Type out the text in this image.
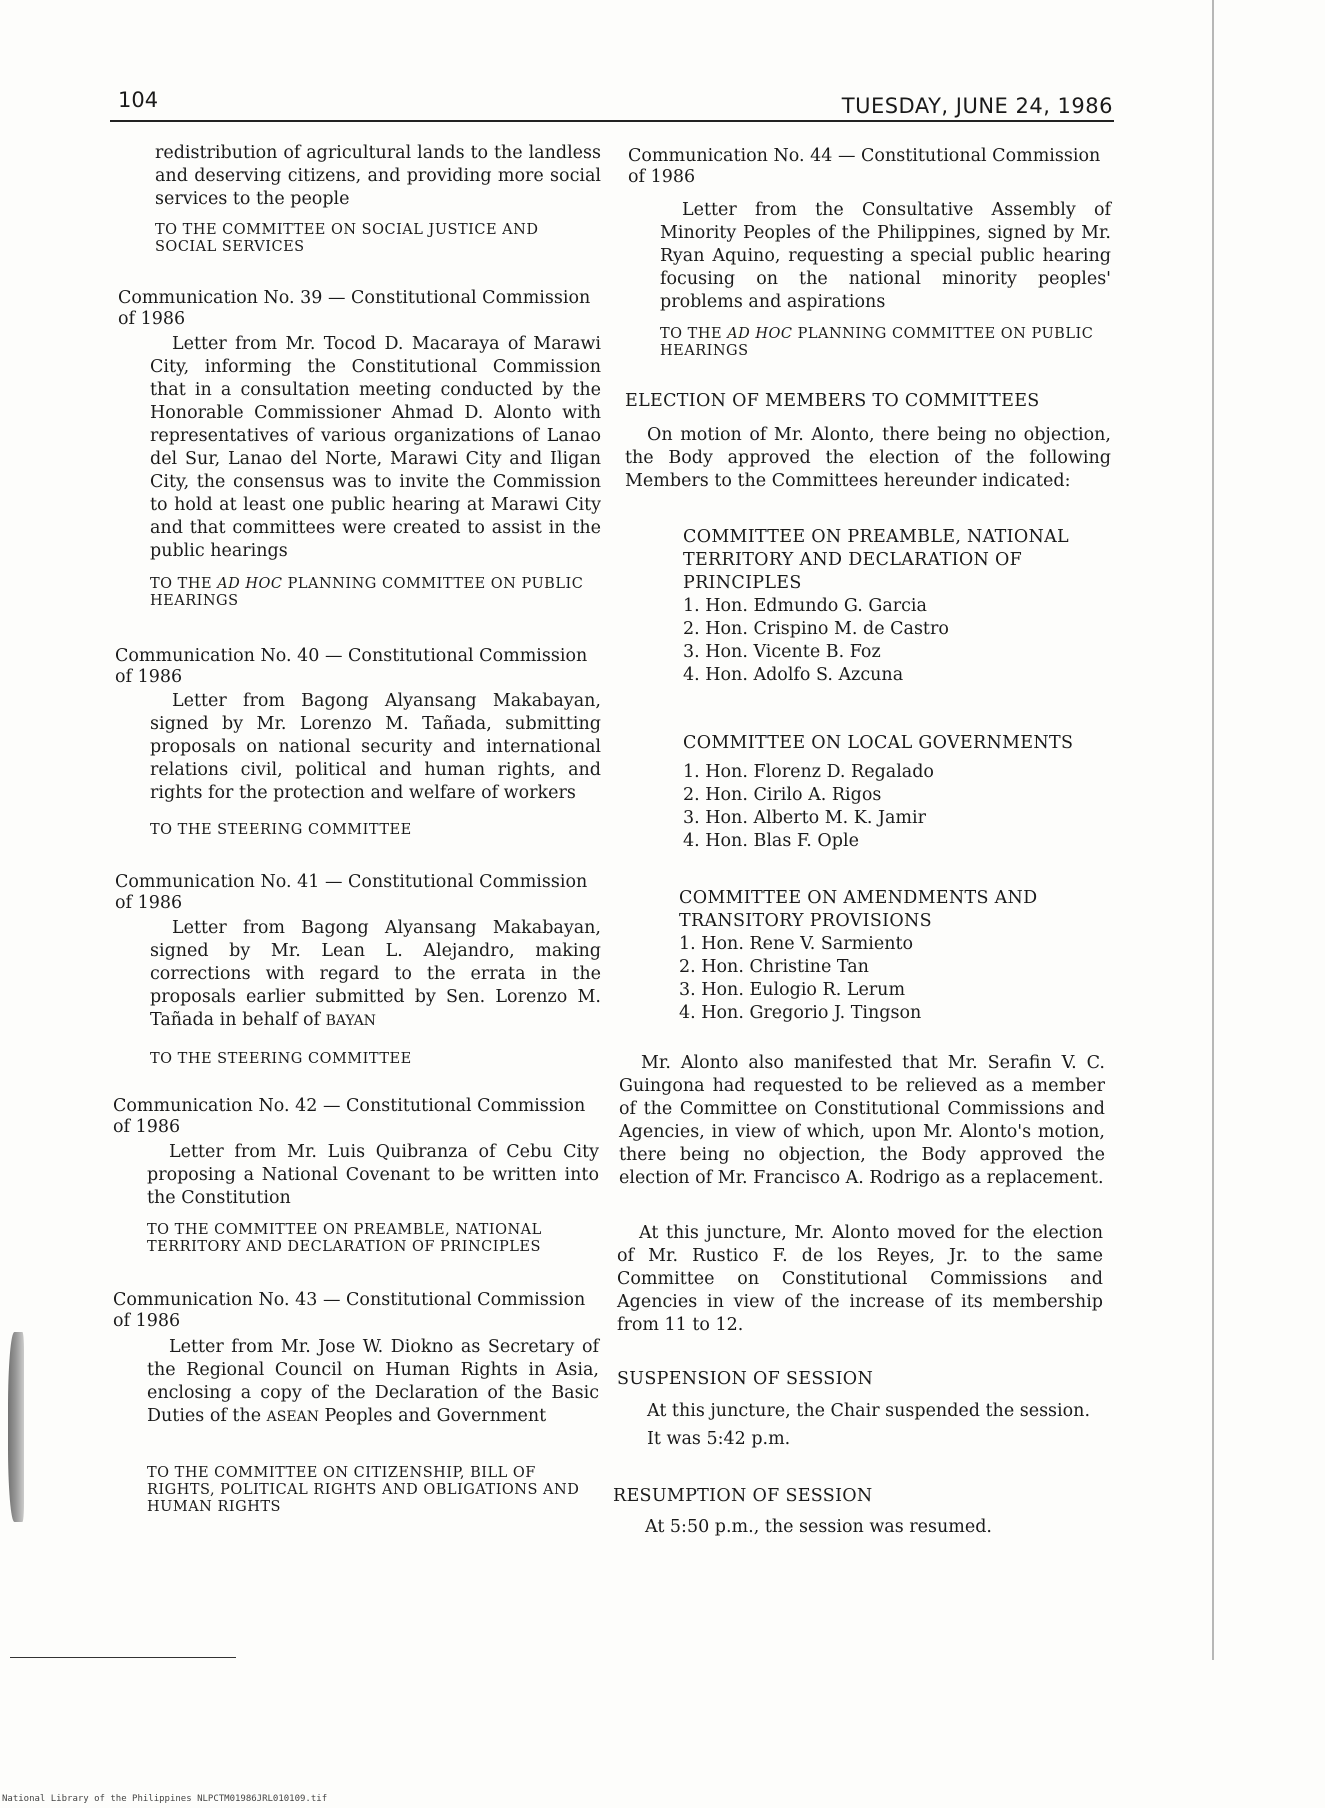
104	TUESDAY, JUNE 24, 1986
redistribution of agricultural lands to the landless and deserving citizens, and providing more social services to the people
TO THE COMMITTEE ON SOCIAL JUSTICE AND SOCIAL SERVICES
Communication No. 39 — Constitutional Commission of 1986
Letter from Mr. Tocod D. Macaraya of Marawi City, informing the Constitutional Commission that in a consultation meeting conducted by the Honorable Commissioner Ahmad D. Alonto with representatives of various organizations of Lanao del Sur, Lanao del Norte, Marawi City and Iligan City, the consensus was to invite the Commission to hold at least one public hearing at Marawi City and that committees were created to assist in the public hearings
TO THE AD HOC PLANNING COMMITTEE ON PUBLIC HEARINGS
Communication No. 40 — Constitutional Commission of 1986
Letter from Bagong Alyansang Makabayan, signed by Mr. Lorenzo M. Tañada, submitting proposals on national security and international relations civil, political and human rights, and rights for the protection and welfare of workers
TO THE STEERING COMMITTEE
Communication No. 41 — Constitutional Commission of 1986
Letter from Bagong Alyansang Makabayan, signed by Mr. Lean L. Alejandro, making corrections with regard to the errata in the proposals earlier submitted by Sen. Lorenzo M. Tañada in behalf of BAYAN
TO THE STEERING COMMITTEE
Communication No. 42 — Constitutional Commission of 1986
Letter from Mr. Luis Quibranza of Cebu City proposing a National Covenant to be written into the Constitution
TO THE COMMITTEE ON PREAMBLE, NATIONAL TERRITORY AND DECLARATION OF PRINCIPLES
Communication No. 43 — Constitutional Commission of 1986
Letter from Mr. Jose W. Diokno as Secretary of the Regional Council on Human Rights in Asia, enclosing a copy of the Declaration of the Basic Duties of the ASEAN Peoples and Government
TO THE COMMITTEE ON CITIZENSHIP, BILL OF RIGHTS, POLITICAL RIGHTS AND OBLIGATIONS AND HUMAN RIGHTS
Communication No. 44 — Constitutional Commission of 1986
Letter from the Consultative Assembly of Minority Peoples of the Philippines, signed by Mr. Ryan Aquino, requesting a special public hearing focusing on the national minority peoples' problems and aspirations
TO THE AD HOC PLANNING COMMITTEE ON PUBLIC HEARINGS
ELECTION OF MEMBERS TO COMMITTEES
On motion of Mr. Alonto, there being no objection, the Body approved the election of the following Members to the Committees hereunder indicated:
COMMITTEE ON PREAMBLE, NATIONAL TERRITORY AND DECLARATION OF PRINCIPLES
1. Hon. Edmundo G. Garcia
2. Hon. Crispino M. de Castro
3. Hon. Vicente B. Foz
4. Hon. Adolfo S. Azcuna
COMMITTEE ON LOCAL GOVERNMENTS
1. Hon. Florenz D. Regalado
2. Hon. Cirilo A. Rigos
3. Hon. Alberto M. K. Jamir
4. Hon. Blas F. Ople
COMMITTEE ON AMENDMENTS AND TRANSITORY PROVISIONS
1. Hon. Rene V. Sarmiento
2. Hon. Christine Tan
3. Hon. Eulogio R. Lerum
4. Hon. Gregorio J. Tingson
Mr. Alonto also manifested that Mr. Serafin V. C. Guingona had requested to be relieved as a member of the Committee on Constitutional Commissions and Agencies, in view of which, upon Mr. Alonto's motion, there being no objection, the Body approved the election of Mr. Francisco A. Rodrigo as a replacement.
At this juncture, Mr. Alonto moved for the election of Mr. Rustico F. de los Reyes, Jr. to the same Committee on Constitutional Commissions and Agencies in view of the increase of its membership from 11 to 12.
SUSPENSION OF SESSION
At this juncture, the Chair suspended the session.
It was 5:42 p.m.
RESUMPTION OF SESSION
At 5:50 p.m., the session was resumed.
National Library of the Philippines NLPCTM01986JRL010109.tif
